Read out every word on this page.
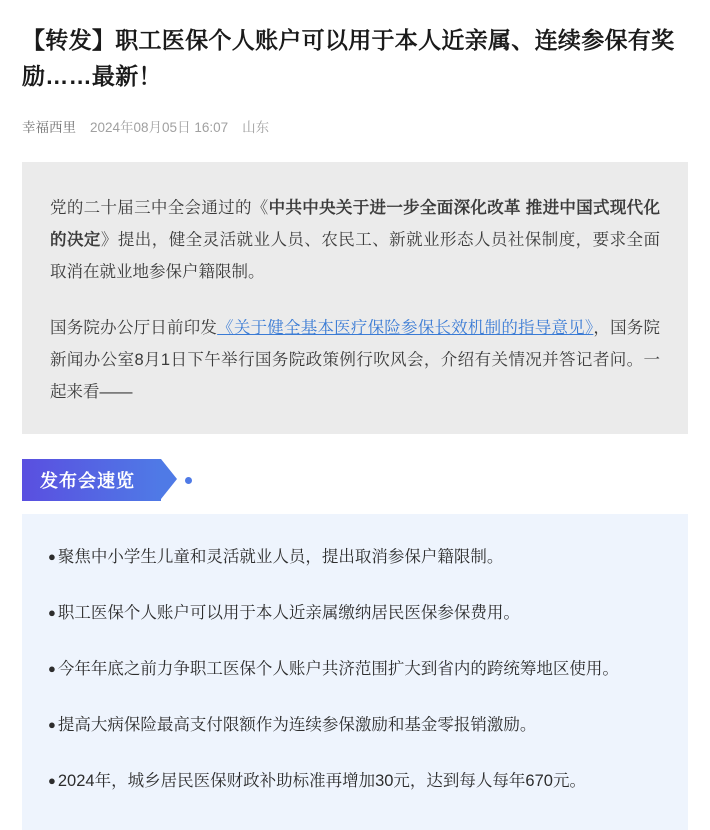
【转发】职工医保个人账户可以用于本人近亲属、连续参保有奖励……最新！
幸福西里 2024年08月05日 16:07 山东

党的二十届三中全会通过的《中共中央关于进一步全面深化改革 推进中国式现代化的决定》提出，健全灵活就业人员、农民工、新就业形态人员社保制度，要求全面取消在就业地参保户籍限制。

国务院办公厅日前印发《关于健全基本医疗保险参保长效机制的指导意见》，国务院新闻办公室8月1日下午举行国务院政策例行吹风会，介绍有关情况并答记者问。一起来看——

发布会速览
● 聚焦中小学生儿童和灵活就业人员，提出取消参保户籍限制。
● 职工医保个人账户可以用于本人近亲属缴纳居民医保参保费用。
● 今年年底之前力争职工医保个人账户共济范围扩大到省内的跨统筹地区使用。
● 提高大病保险最高支付限额作为连续参保激励和基金零报销激励。
● 2024年，城乡居民医保财政补助标准再增加30元，达到每人每年670元。
